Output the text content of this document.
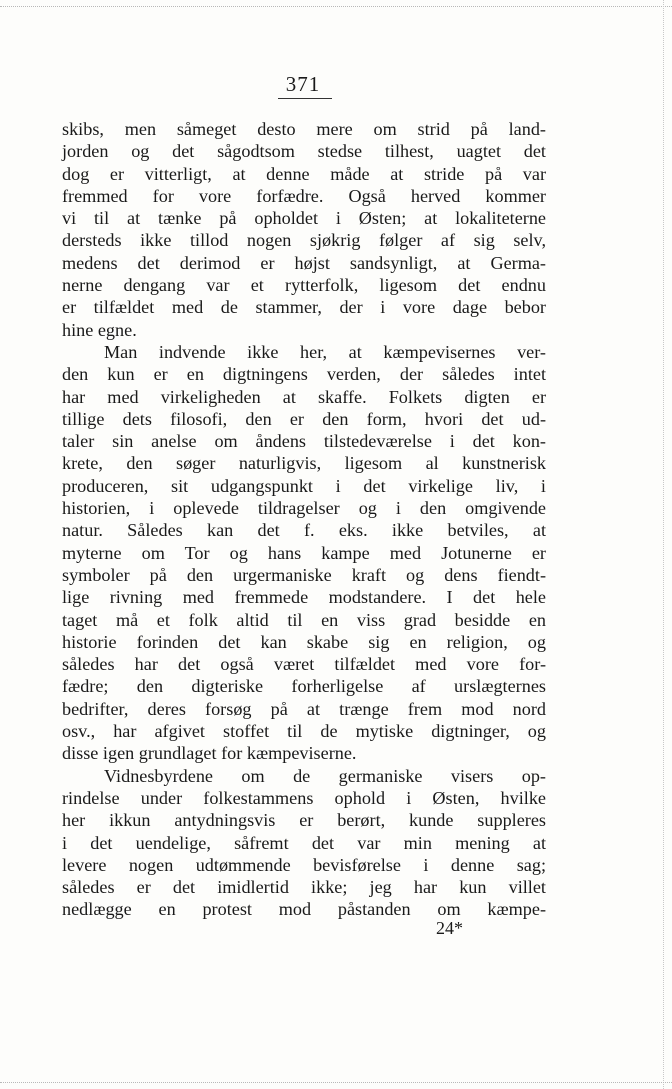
371
skibs, men såmeget desto mere om strid på land-
jorden og det sågodtsom stedse tilhest, uagtet det
dog er vitterligt, at denne måde at stride på var
fremmed for vore forfædre. Også herved kommer
vi til at tænke på opholdet i Østen; at lokaliteterne
dersteds ikke tillod nogen sjøkrig følger af sig selv,
medens det derimod er højst sandsynligt, at Germa-
nerne dengang var et rytterfolk, ligesom det endnu
er tilfældet med de stammer, der i vore dage bebor
hine egne.
Man indvende ikke her, at kæmpevisernes ver-
den kun er en digtningens verden, der således intet
har med virkeligheden at skaffe. Folkets digten er
tillige dets filosofi, den er den form, hvori det ud-
taler sin anelse om åndens tilstedeværelse i det kon-
krete, den søger naturligvis, ligesom al kunstnerisk
produceren, sit udgangspunkt i det virkelige liv, i
historien, i oplevede tildragelser og i den omgivende
natur. Således kan det f. eks. ikke betviles, at
myterne om Tor og hans kampe med Jotunerne er
symboler på den urgermaniske kraft og dens fiendt-
lige rivning med fremmede modstandere. I det hele
taget må et folk altid til en viss grad besidde en
historie forinden det kan skabe sig en religion, og
således har det også været tilfældet med vore for-
fædre; den digteriske forherligelse af urslægternes
bedrifter, deres forsøg på at trænge frem mod nord
osv., har afgivet stoffet til de mytiske digtninger, og
disse igen grundlaget for kæmpeviserne.
Vidnesbyrdene om de germaniske visers op-
rindelse under folkestammens ophold i Østen, hvilke
her ikkun antydningsvis er berørt, kunde suppleres
i det uendelige, såfremt det var min mening at
levere nogen udtømmende bevisførelse i denne sag;
således er det imidlertid ikke; jeg har kun villet
nedlægge en protest mod påstanden om kæmpe-
24*
